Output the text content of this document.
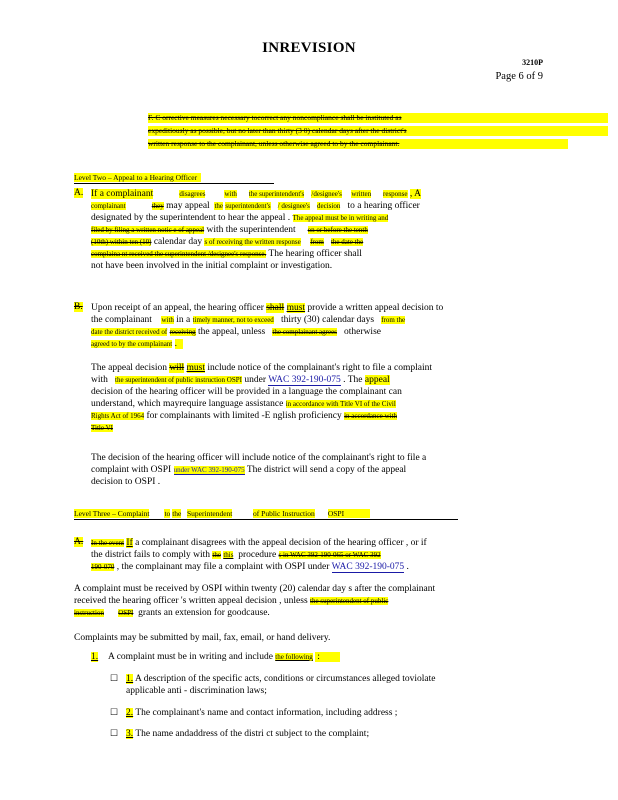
INREVISION
3210P
Page 6 of 9
F. C orrective measures necessary tocorrect any noncompliance shall be instituted as
expeditiously as possible, but no later than thirty (3 0) calendar days after the district's
written response to the complainant, unless otherwise agreed to by the complainant.
Level Two – Appeal to a Hearing Officer
A. If a complainant	disagrees	with the superintendent's /designee's written response , A
complainant	they may appeal the superintendent's / designee's decision to a hearing officer
designated by the superintendent to hear the appeal . The appeal must be in writing and
filed by filing a written notic e of appeal with the superintendent on or before the tenth
(10th) within ten (10) calendar day s of receiving the written response from the date the
complaina nt received the superintendent /designee's response. The hearing officer shall
not have been involved in the initial complaint or investigation.
B. Upon receipt of an appeal, the hearing officer shall must provide a written appeal decision to
the complainant with in a timely manner, not to exceed thirty (30) calendar days from the
date the district received of receiving the appeal, unless the complainant agrees otherwise
agreed to by the complainant .
The appeal decision will must include notice of the complainant's right to file a complaint
with the superintendent of public instruction OSPI under WAC 392-190-075 . The appeal
decision of the hearing officer will be provided in a language the complainant can
understand, which mayrequire language assistance in accordance with Title VI of the Civil
Rights Act of 1964 for complainants with limited -E nglish proficiency in accordance with
Title VI
The decision of the hearing officer will include notice of the complainant's right to file a
complaint with OSPI under WAC 392-190-075 The district will send a copy of the appeal
decision to OSPI .
Level Three – Complaint to the Superintendent	of Public Instruction OSPI
A. In the event If a complainant disagrees with the appeal decision of the hearing officer , or if
the district fails to comply with the this procedure s in WAC 392-190-065 or WAC 392
190-070 , the complainant may file a complaint with OSPI under WAC 392-190-075 .
A complaint must be received by OSPI within twenty (20) calendar day s after the complainant
received the hearing officer 's written appeal decision , unless the superintendent of public
instruction OSPI grants an extension for goodcause.
Complaints may be submitted by mail, fax, email, or hand delivery.
1. A complaint must be in writing and include the following :
☐ 1. A description of the specific acts, conditions or circumstances alleged toviolate
applicable anti - discrimination laws;
☐ 2. The complainant's name and contact information, including address ;
☐ 3. The name andaddress of the distri ct subject to the complaint;
